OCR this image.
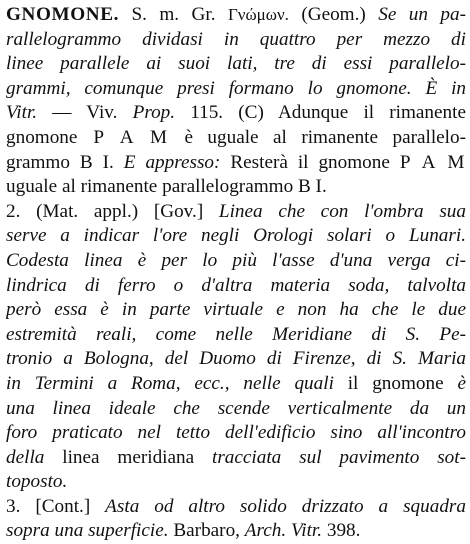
GNOMONE. S. m. Gr. Γνώμων. (Geom.) Se un pa-
rallelogrammo dividasi in quattro per mezzo di
linee parallele ai suoi lati, tre di essi parallelo-
grammi, comunque presi formano lo gnomone. È in
Vitr. — Viv. Prop. 115. (C) Adunque il rimanente
gnomone P A M è uguale al rimanente parallelo-
grammo B I. E appresso: Resterà il gnomone P A M
uguale al rimanente parallelogrammo B I.
2. (Mat. appl.) [Gov.] Linea che con l'ombra sua
serve a indicar l'ore negli Orologi solari o Lunari.
Codesta linea è per lo più l'asse d'una verga ci-
lindrica di ferro o d'altra materia soda, talvolta
però essa è in parte virtuale e non ha che le due
estremità reali, come nelle Meridiane di S. Pe-
tronio a Bologna, del Duomo di Firenze, di S. Maria
in Termini a Roma, ecc., nelle quali il gnomone è
una linea ideale che scende verticalmente da un
foro praticato nel tetto dell'edificio sino all'incontro
della linea meridiana tracciata sul pavimento sot-
toposto.
3. [Cont.] Asta od altro solido drizzato a squadra
sopra una superficie. Barbaro, Arch. Vitr. 398.
